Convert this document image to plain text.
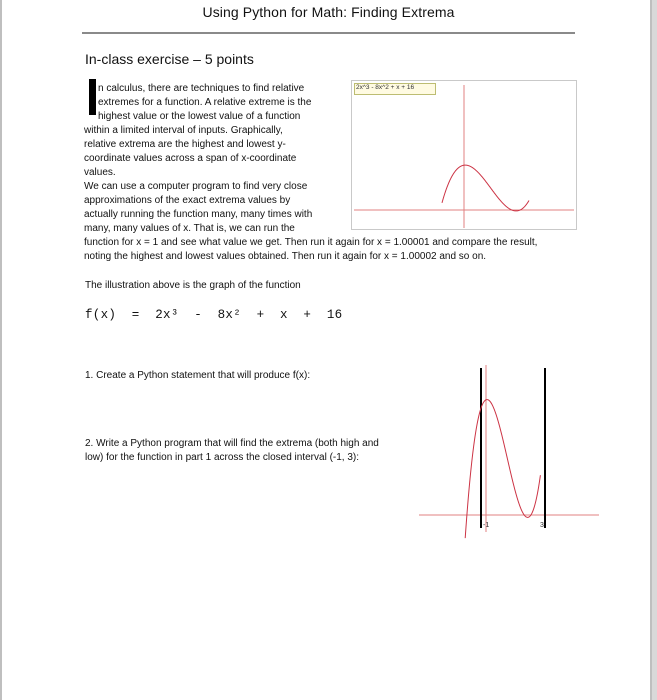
Using Python for Math: Finding Extrema
In-class exercise – 5 points
n calculus, there are techniques to find relative
extremes for a function. A relative extreme is the
highest value or the lowest value of a function
within a limited interval of inputs. Graphically,
relative extrema are the highest and lowest y-
coordinate values across a span of x-coordinate
values.
We can use a computer program to find very close
approximations of the exact extrema values by
actually running the function many, many times with
many, many values of x. That is, we can run the
function for x = 1 and see what value we get. Then run it again for x = 1.00001 and compare the result,
noting the highest and lowest values obtained. Then run it again for x = 1.00002 and so on.
The illustration above is the graph of the function
f(x)  =  2x³  -  8x²  +  x  +  16
1. Create a Python statement that will produce f(x):
2. Write a Python program that will find the extrema (both high and
low) for the function in part 1 across the closed interval (-1, 3):
2x^3 - 8x^2 + x + 16
-1	3
